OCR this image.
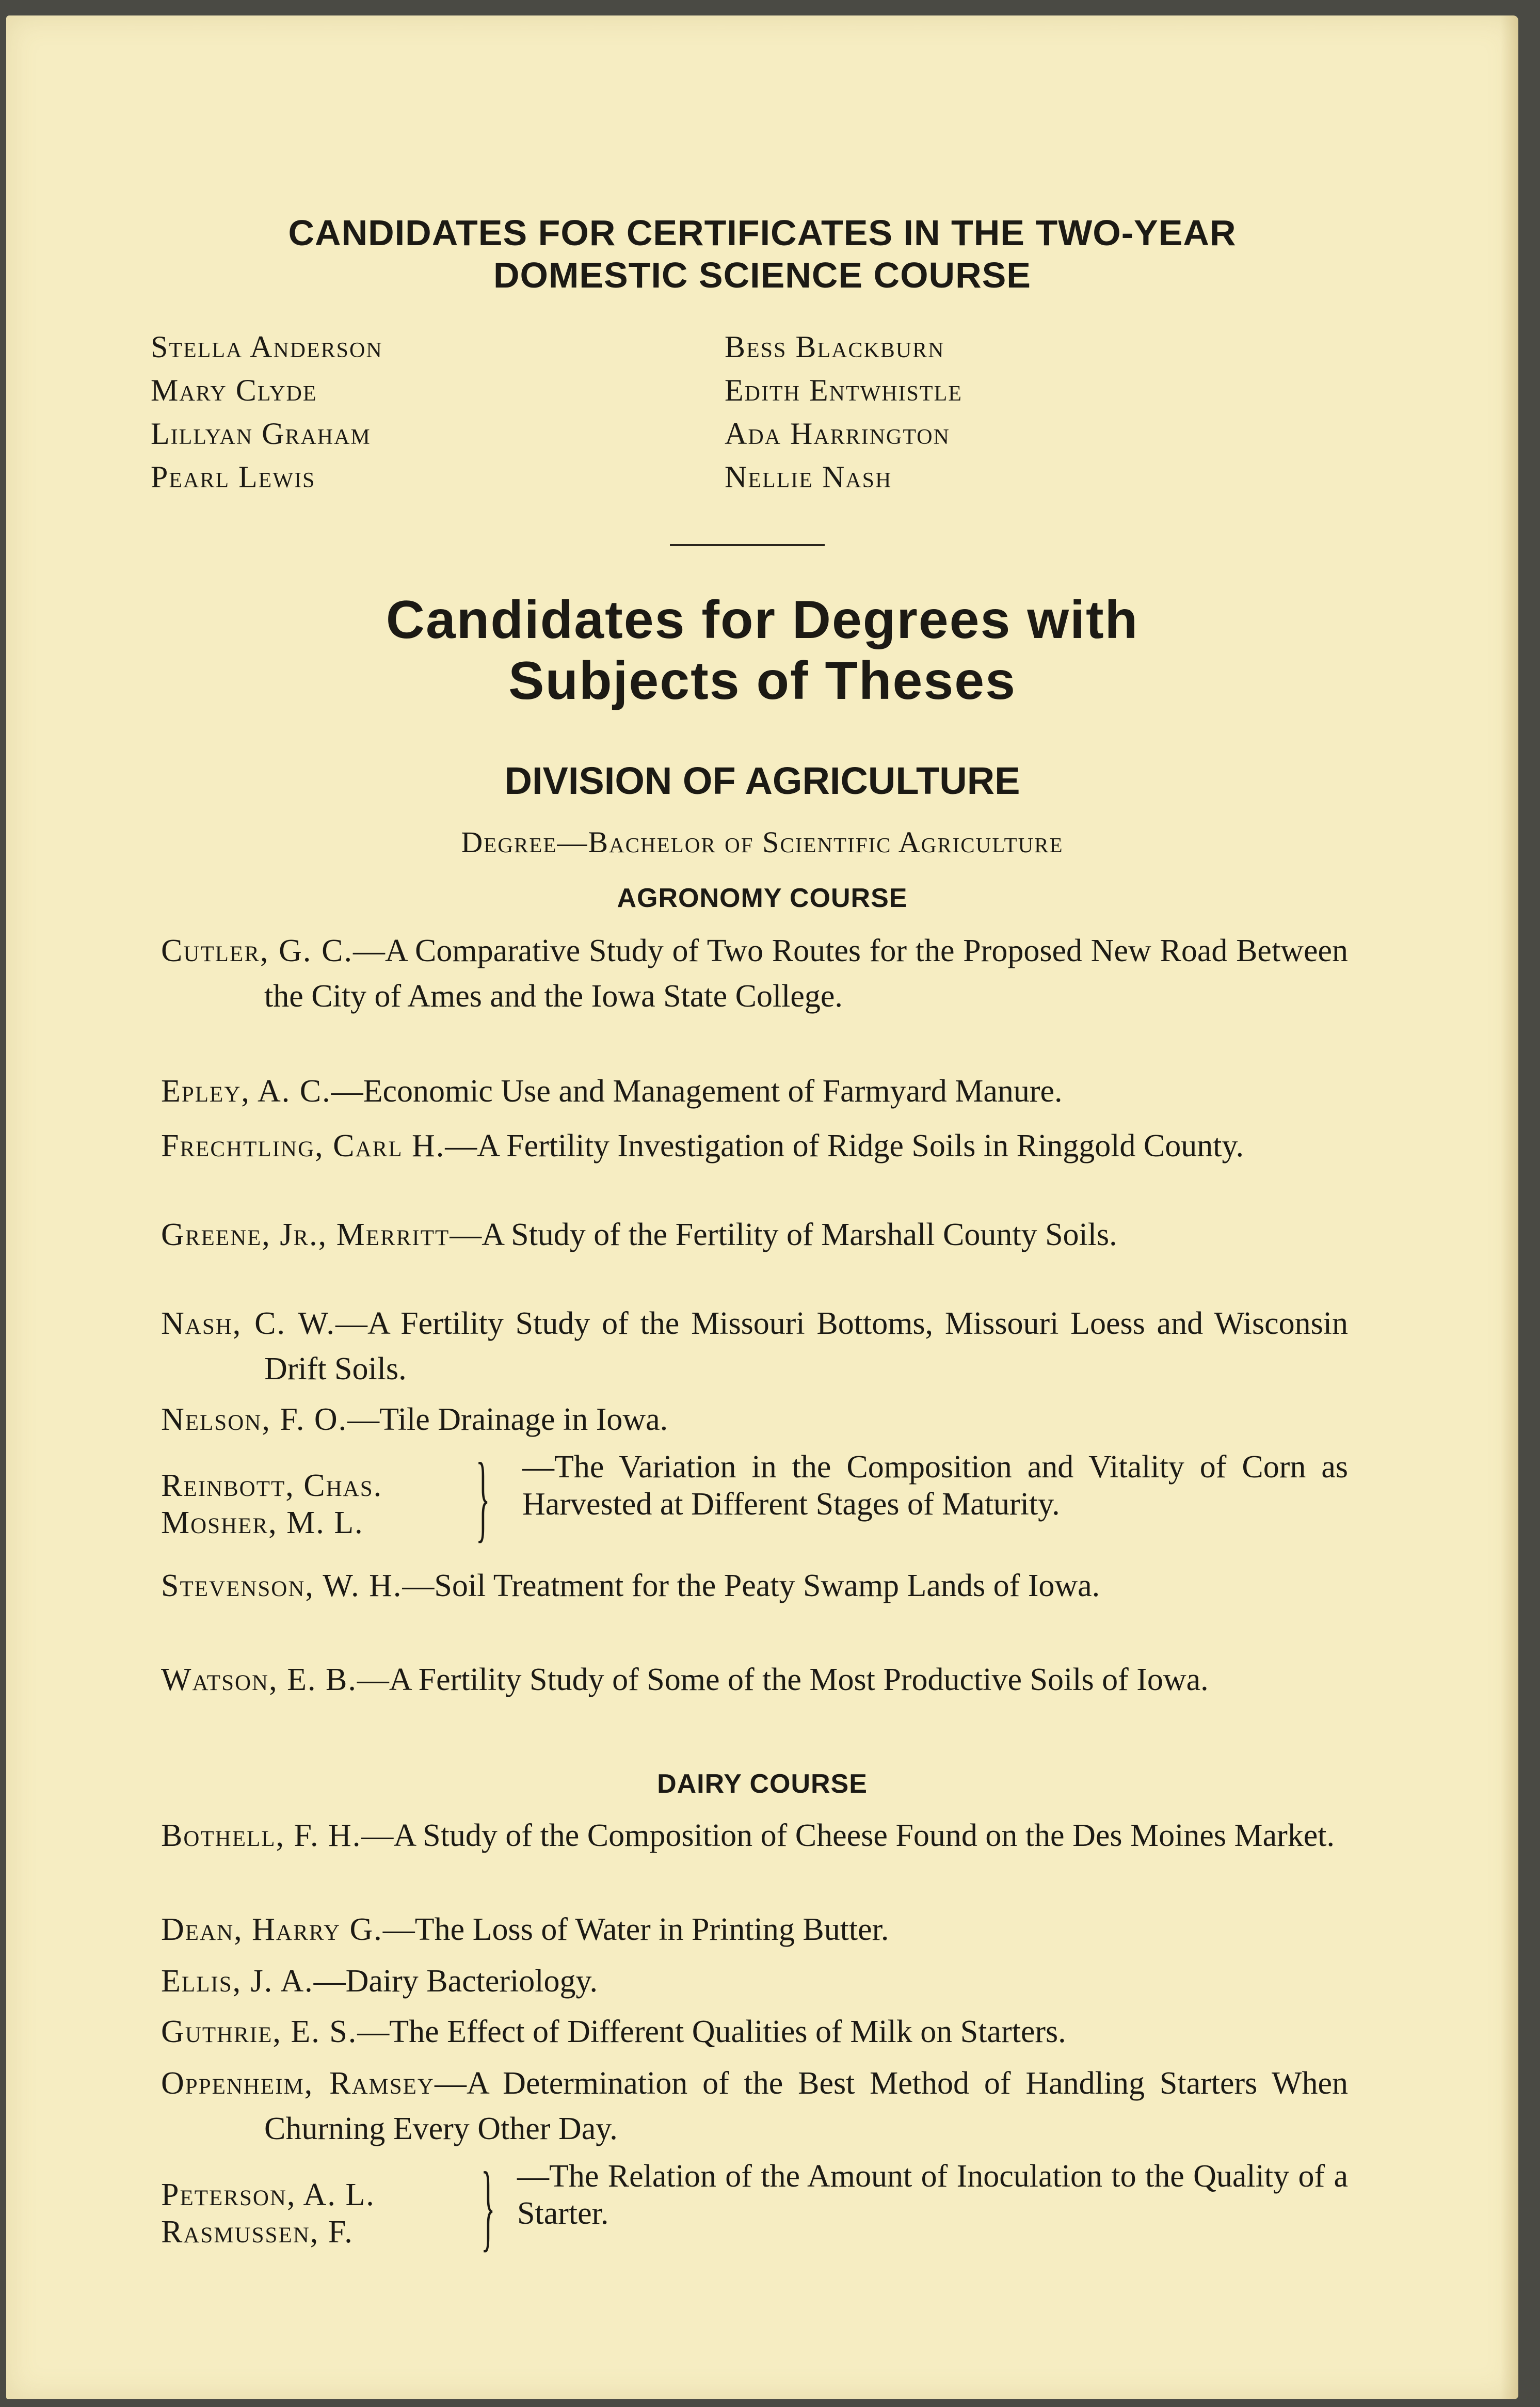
CANDIDATES FOR CERTIFICATES IN THE TWO-YEAR
DOMESTIC SCIENCE COURSE
Stella Anderson
Mary Clyde
Lillyan Graham
Pearl Lewis
Bess Blackburn
Edith Entwhistle
Ada Harrington
Nellie Nash
Candidates for Degrees with
Subjects of Theses
DIVISION OF AGRICULTURE
Degree—Bachelor of Scientific Agriculture
AGRONOMY COURSE
Cutler, G. C.—A Comparative Study of Two Routes for the Proposed New Road Between the City of Ames and the Iowa State College.
Epley, A. C.—Economic Use and Management of Farmyard Manure.
Frechtling, Carl H.—A Fertility Investigation of Ridge Soils in Ringgold County.
Greene, Jr., Merritt—A Study of the Fertility of Marshall County Soils.
Nash, C. W.—A Fertility Study of the Missouri Bottoms, Missouri Loess and Wisconsin Drift Soils.
Nelson, F. O.—Tile Drainage in Iowa.
Reinbott, Chas.
Mosher, M. L. } —The Variation in the Composition and Vitality of Corn as Harvested at Different Stages of Maturity.
Stevenson, W. H.—Soil Treatment for the Peaty Swamp Lands of Iowa.
Watson, E. B.—A Fertility Study of Some of the Most Productive Soils of Iowa.
DAIRY COURSE
Bothell, F. H.—A Study of the Composition of Cheese Found on the Des Moines Market.
Dean, Harry G.—The Loss of Water in Printing Butter.
Ellis, J. A.—Dairy Bacteriology.
Guthrie, E. S.—The Effect of Different Qualities of Milk on Starters.
Oppenheim, Ramsey—A Determination of the Best Method of Handling Starters When Churning Every Other Day.
Peterson, A. L.
Rasmussen, F. } —The Relation of the Amount of Inoculation to the Quality of a Starter.
